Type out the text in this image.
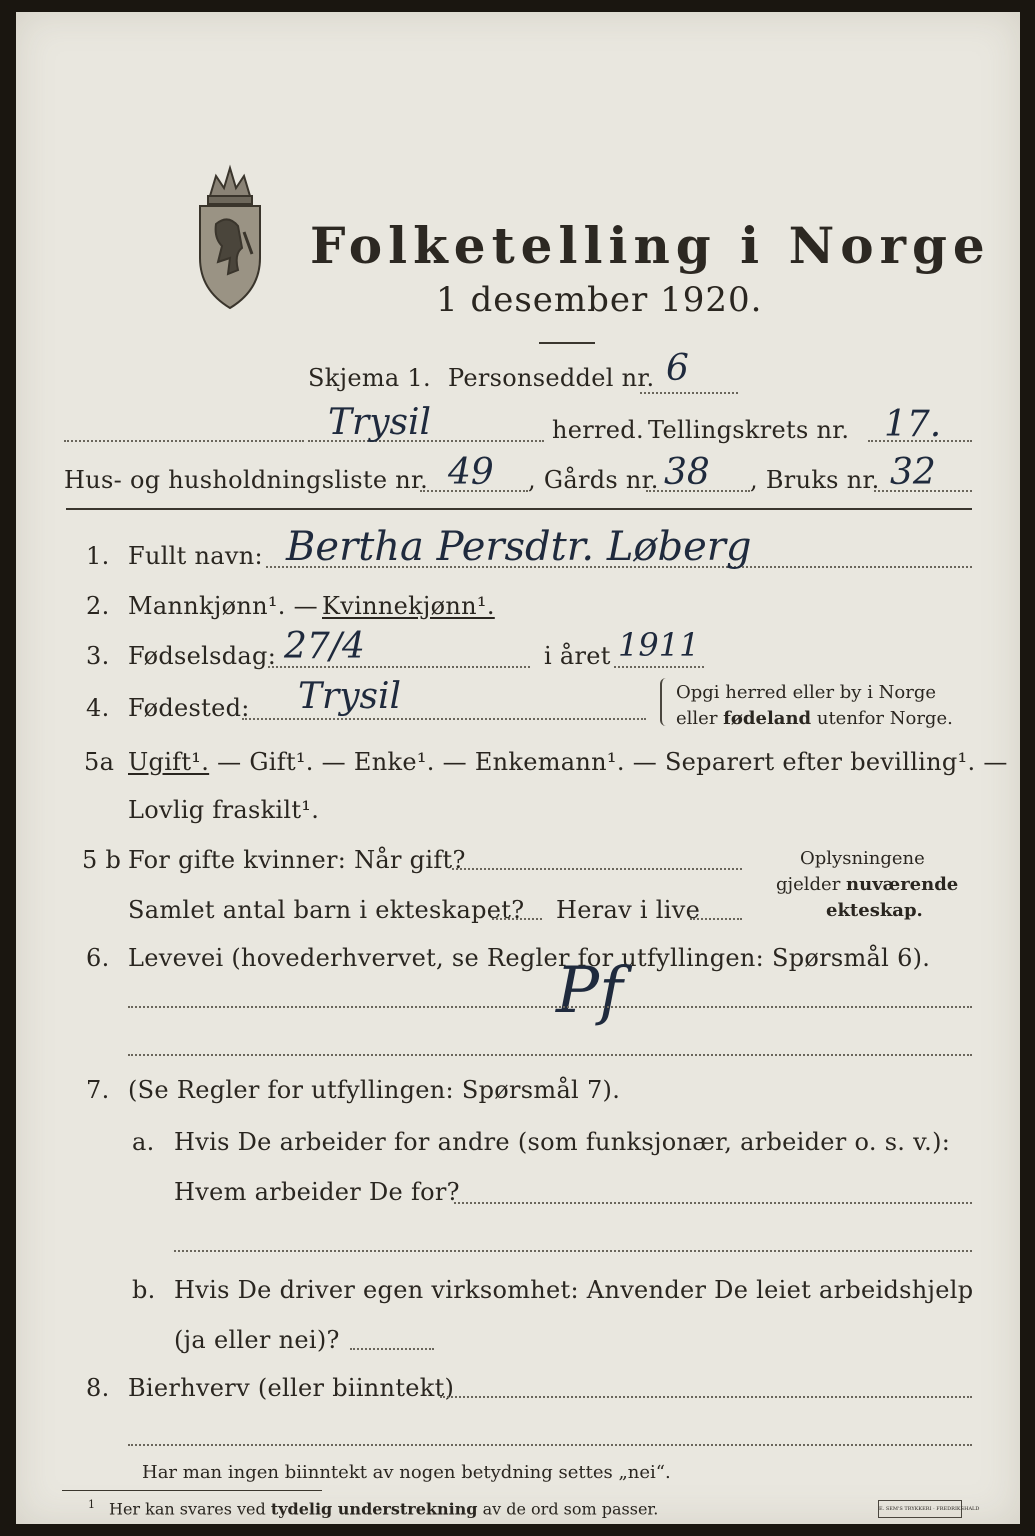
Folketelling i Norge
1 desember 1920.
Skjema 1. Personseddel nr. 6
Trysil	herred. Tellingskrets nr. 17.
Hus- og husholdningsliste nr. 49 , Gårds nr. 38 , Bruks nr. 32
1. Fullt navn: Bertha Persdtr. Løberg
2. Mannkjønn¹. — Kvinnekjønn¹.
3. Fødselsdag: 27/4	i året 1911
4. Fødested: Trysil	Opgi herred eller by i Norge
eller fødeland utenfor Norge.
5a Ugift¹. — Gift¹. — Enke¹. — Enkemann¹. — Separert efter bevilling¹. —
Lovlig fraskilt¹.
5 b For gifte kvinner: Når gift?
Samlet antal barn i ekteskapet? Herav i live
Oplysningene
gjelder nuværende
ekteskap.
6. Levevei (hovederhvervet, se Regler for utfyllingen: Spørsmål 6).
Pf
7. (Se Regler for utfyllingen: Spørsmål 7).
a. Hvis De arbeider for andre (som funksjonær, arbeider o. s. v.):
Hvem arbeider De for?
b. Hvis De driver egen virksomhet: Anvender De leiet arbeidshjelp
(ja eller nei)?
8. Bierhverv (eller biinntekt)
Har man ingen biinntekt av nogen betydning settes „nei“.
$^1$ Her kan svares ved tydelig understrekning av de ord som passer.	E. SEM'S TRYKKERI · FREDRIKSHALD
